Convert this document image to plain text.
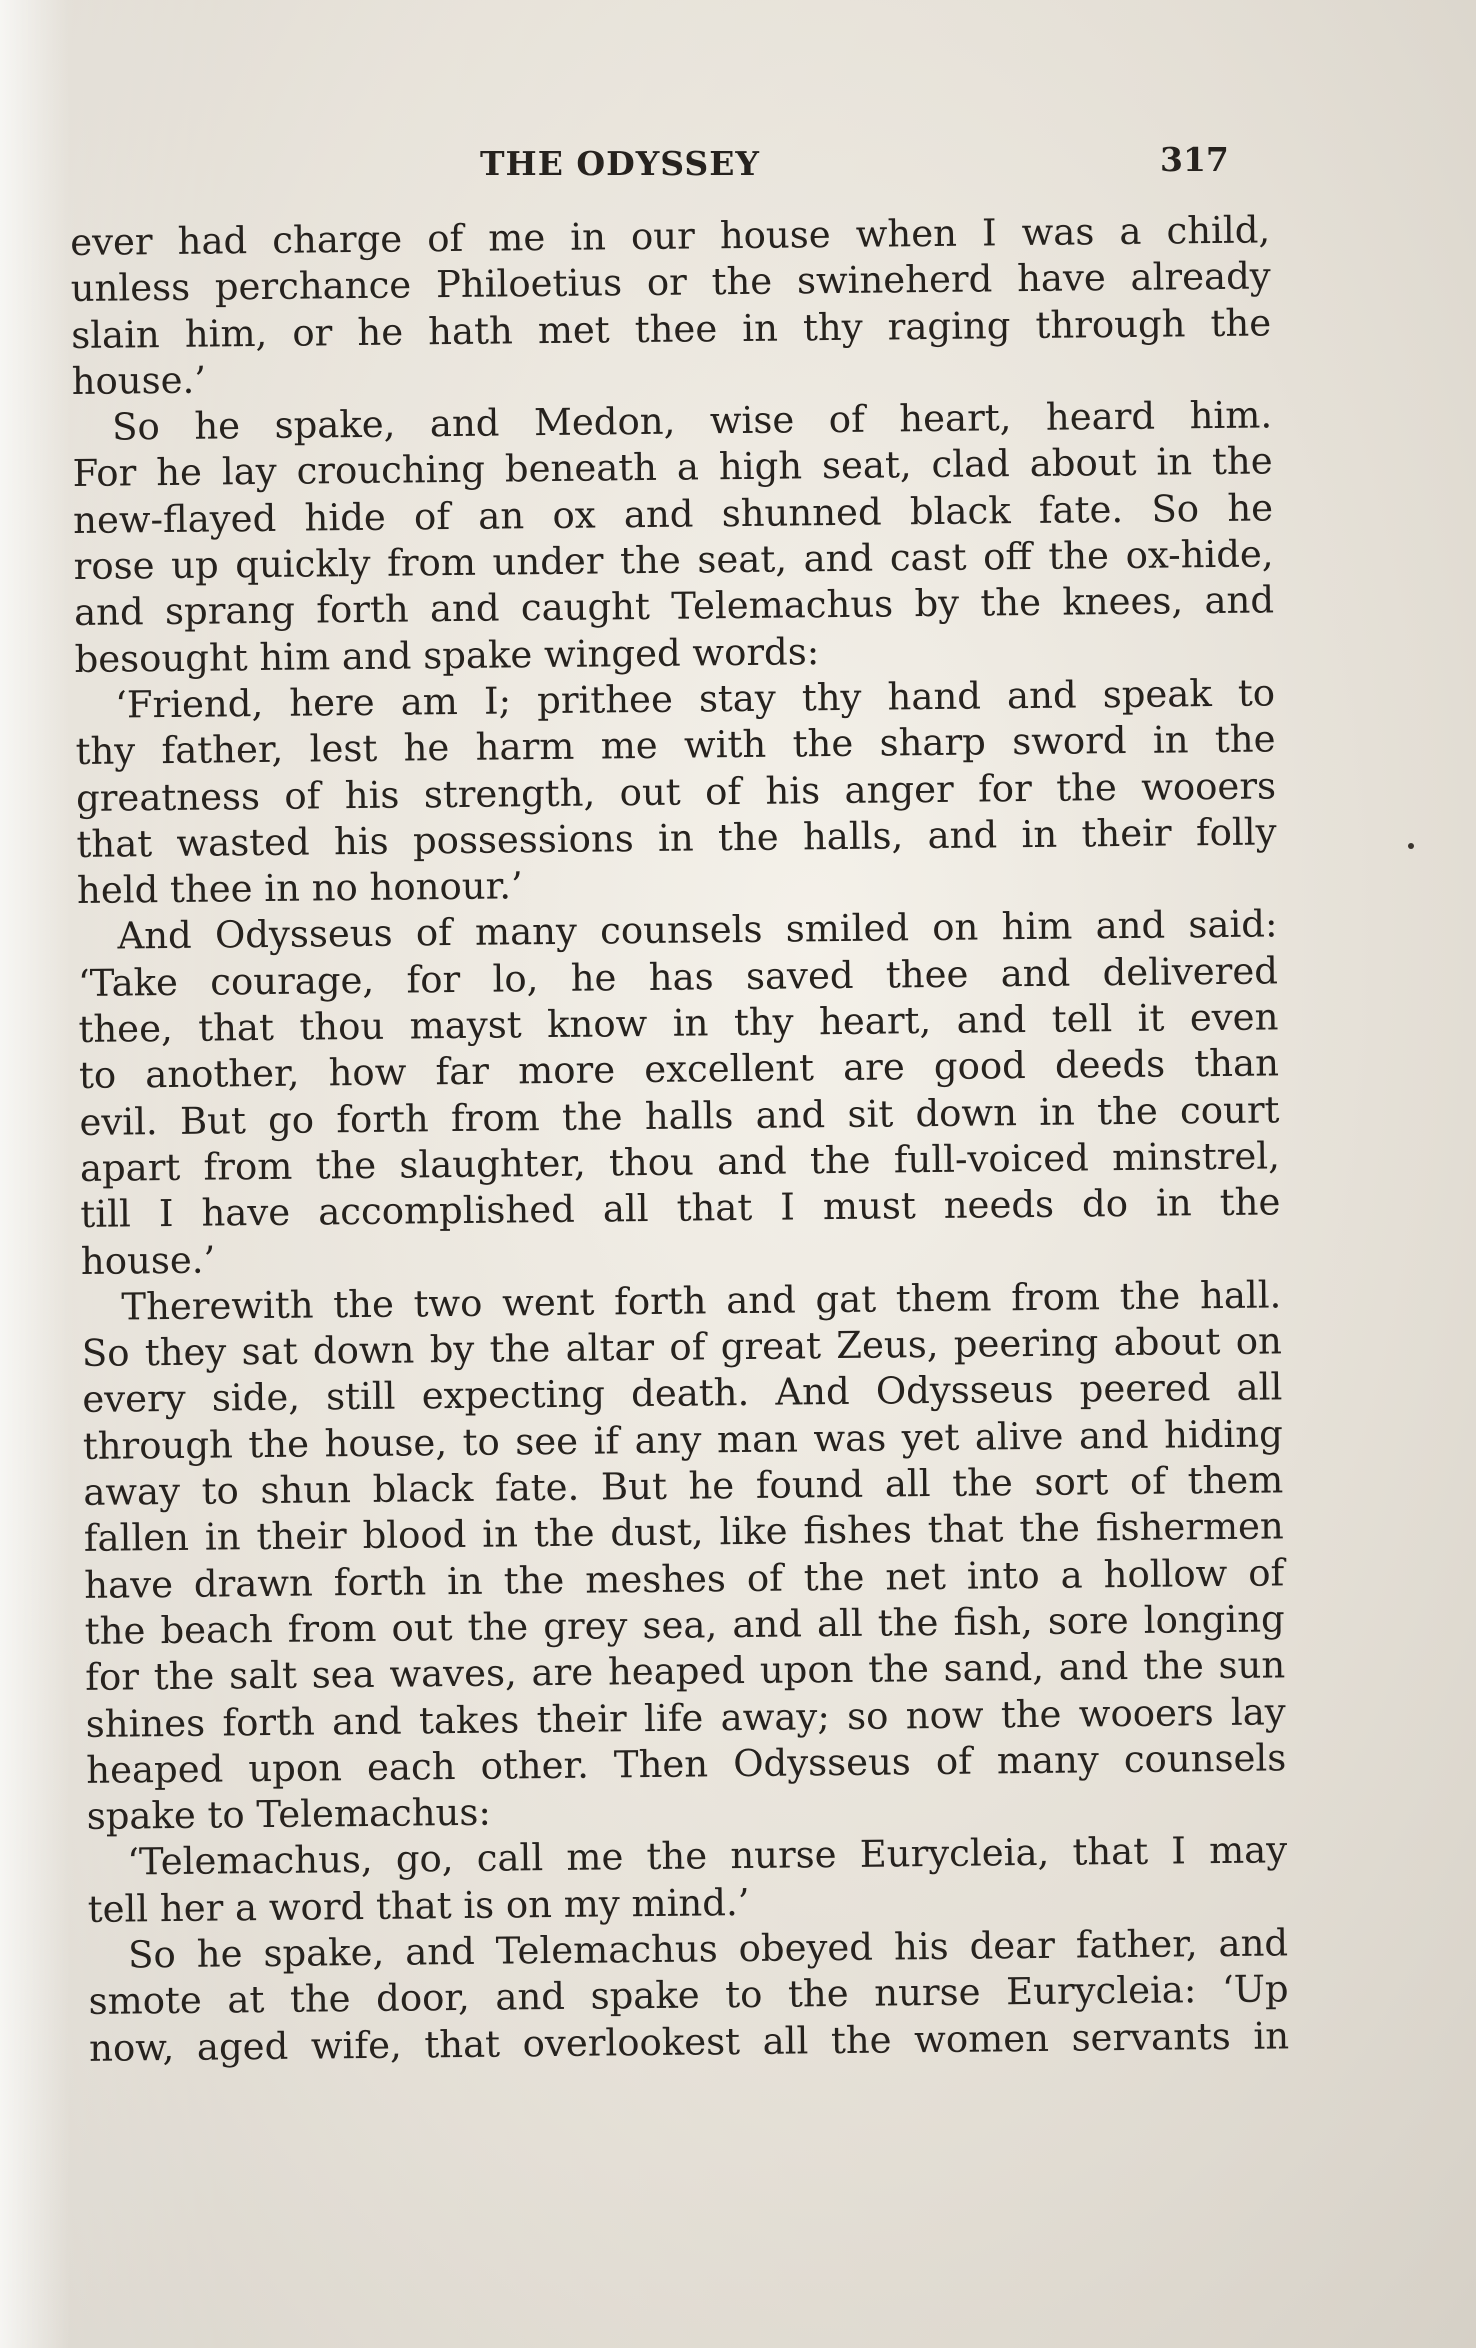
THE ODYSSEY	317
ever had charge of me in our house when I was a child,
unless perchance Philoetius or the swineherd have already
slain him, or he hath met thee in thy raging through the
house.’
So he spake, and Medon, wise of heart, heard him.
For he lay crouching beneath a high seat, clad about in the
new-flayed hide of an ox and shunned black fate. So he
rose up quickly from under the seat, and cast off the ox-hide,
and sprang forth and caught Telemachus by the knees, and
besought him and spake winged words:
‘Friend, here am I; prithee stay thy hand and speak to
thy father, lest he harm me with the sharp sword in the
greatness of his strength, out of his anger for the wooers
that wasted his possessions in the halls, and in their folly
held thee in no honour.’
And Odysseus of many counsels smiled on him and said:
‘Take courage, for lo, he has saved thee and delivered
thee, that thou mayst know in thy heart, and tell it even
to another, how far more excellent are good deeds than
evil. But go forth from the halls and sit down in the court
apart from the slaughter, thou and the full-voiced minstrel,
till I have accomplished all that I must needs do in the
house.’
Therewith the two went forth and gat them from the hall.
So they sat down by the altar of great Zeus, peering about on
every side, still expecting death. And Odysseus peered all
through the house, to see if any man was yet alive and hiding
away to shun black fate. But he found all the sort of them
fallen in their blood in the dust, like fishes that the fishermen
have drawn forth in the meshes of the net into a hollow of
the beach from out the grey sea, and all the fish, sore longing
for the salt sea waves, are heaped upon the sand, and the sun
shines forth and takes their life away; so now the wooers lay
heaped upon each other. Then Odysseus of many counsels
spake to Telemachus:
‘Telemachus, go, call me the nurse Eurycleia, that I may
tell her a word that is on my mind.’
So he spake, and Telemachus obeyed his dear father, and
smote at the door, and spake to the nurse Eurycleia: ‘Up
now, aged wife, that overlookest all the women servants in
